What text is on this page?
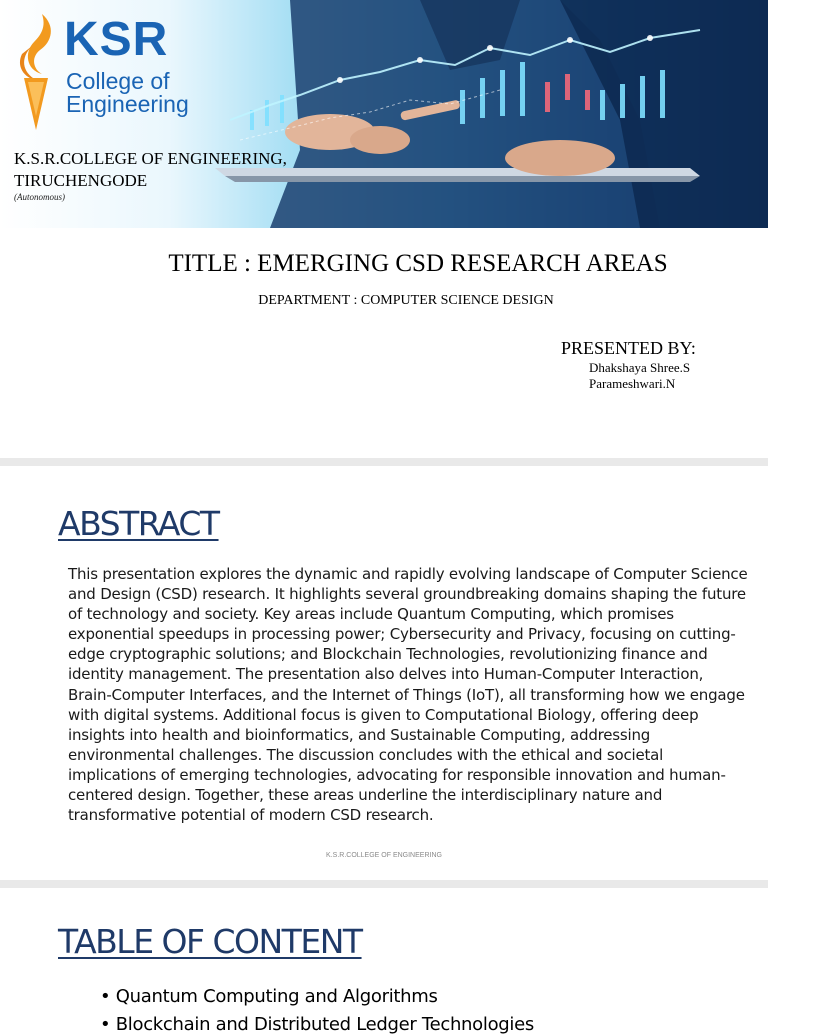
KSR
College of
Engineering
K.S.R.COLLEGE OF ENGINEERING,
TIRUCHENGODE
(Autonomous)
TITLE : EMERGING CSD RESEARCH AREAS
DEPARTMENT : COMPUTER SCIENCE DESIGN
PRESENTED BY:
Dhakshaya Shree.S
Parameshwari.N
ABSTRACT
This presentation explores the dynamic and rapidly evolving landscape of Computer Science and Design (CSD) research. It highlights several groundbreaking domains shaping the future of technology and society. Key areas include Quantum Computing, which promises exponential speedups in processing power; Cybersecurity and Privacy, focusing on cutting-edge cryptographic solutions; and Blockchain Technologies, revolutionizing finance and identity management. The presentation also delves into Human-Computer Interaction, Brain-Computer Interfaces, and the Internet of Things (IoT), all transforming how we engage with digital systems. Additional focus is given to Computational Biology, offering deep insights into health and bioinformatics, and Sustainable Computing, addressing environmental challenges. The discussion concludes with the ethical and societal implications of emerging technologies, advocating for responsible innovation and human-centered design. Together, these areas underline the interdisciplinary nature and transformative potential of modern CSD research.
K.S.R.COLLEGE OF ENGINEERING
TABLE OF CONTENT
• Quantum Computing and Algorithms
• Blockchain and Distributed Ledger Technologies
